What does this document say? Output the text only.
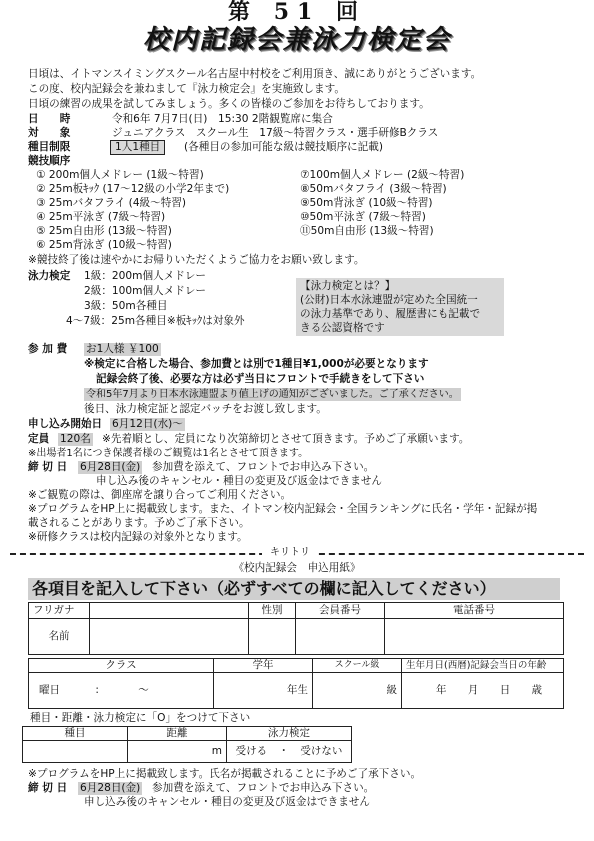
第 51 回
校内記録会兼泳力検定会
日頃は、イトマンスイミングスクール名古屋中村校をご利用頂き、誠にありがとうございます。
この度、校内記録会を兼ねまして『泳力検定会』を実施致します。
日頃の練習の成果を試してみましょう。多くの皆様のご参加をお待ちしております。
日　　時	令和6年 7月7日(日)　15:30 2階観覧席に集合
対　　象	ジュニアクラス　スクール生　17級～特習クラス・選手研修Bクラス
種目制限	1人1種目	(各種目の参加可能な級は競技順序に記載)
競技順序
① 200m個人メドレー (1級～特習)
② 25m板ｷｯｸ (17～12級の小学2年まで)
③ 25mバタフライ (4級～特習)
④ 25m平泳ぎ (7級～特習)
⑤ 25m自由形 (13級～特習)
⑥ 25m背泳ぎ (10級～特習)
⑦100m個人メドレー (2級～特習)
⑧50mバタフライ (3級～特習)
⑨50m背泳ぎ (10級～特習)
⑩50m平泳ぎ (7級～特習)
⑪50m自由形 (13級～特習)
※競技終了後は速やかにお帰りいただくようご協力をお願い致します。
泳力検定 1級：200m個人メドレー
2級：100m個人メドレー
3級：50m各種目
4～7級：25m各種目※板ｷｯｸは対象外
【泳力検定とは？】
(公財)日本水泳連盟が定めた全国統一
の泳力基準であり、履歴書にも記載で
きる公認資格です
参 加 費 お1人様 ￥100
※検定に合格した場合、参加費とは別で1種目¥1,000が必要となります
記録会終了後、必要な方は必ず当日にフロントで手続きをして下さい
令和5年7月より日本水泳連盟より値上げの通知がございました。ご了承ください。
後日、泳力検定証と認定バッチをお渡し致します。
申し込み開始日 6月12日(水)～
定員 120名 ※先着順とし、定員になり次第締切とさせて頂きます。予めご了承願います。
※出場者1名につき保護者様のご観覧は1名とさせて頂きます。
締 切 日 6月28日(金) 参加費を添えて、フロントでお申込み下さい。
申し込み後のキャンセル・種目の変更及び返金はできません
※ご観覧の際は、御座席を譲り合ってご利用ください。
※プログラムをHP上に掲載致します。また、イトマン校内記録会・全国ランキングに氏名・学年・記録が掲
載されることがあります。予めご了承下さい。
※研修クラスは校内記録の対象外となります。
キリトリ
《校内記録会　申込用紙》
各項目を記入して下さい（必ずすべての欄に記入してください）
フリガナ		性別	会員番号	電話番号
名前				
クラス	学年	スクール級	生年月日(西暦)記録会当日の年齢
曜日 : ～	年生	級	年 月 日 歳
種目・距離・泳力検定に「O」をつけて下さい
種目	距離	泳力検定
	m	受ける ・ 受けない
※プログラムをHP上に掲載致します。氏名が掲載されることに予めご了承下さい。
締 切 日 6月28日(金) 参加費を添えて、フロントでお申込み下さい。
申し込み後のキャンセル・種目の変更及び返金はできません
